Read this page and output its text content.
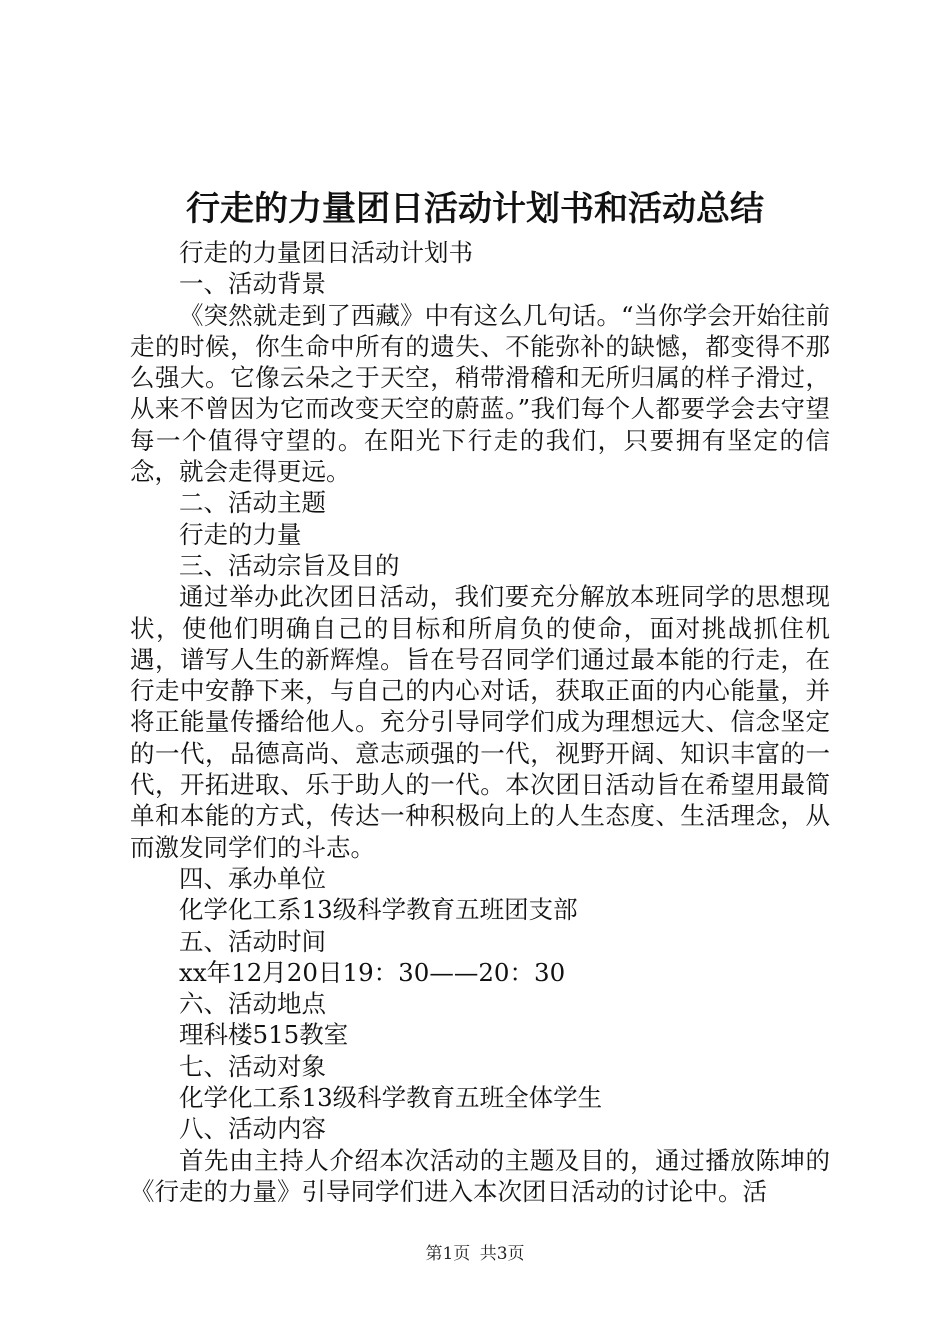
行走的力量团日活动计划书和活动总结

行走的力量团日活动计划书

一、活动背景

《突然就走到了西藏》中有这么几句话。“当你学会开始往前走的时候，你生命中所有的遗失、不能弥补的缺憾，都变得不那么强大。它像云朵之于天空，稍带滑稽和无所归属的样子滑过，从来不曾因为它而改变天空的蔚蓝。”我们每个人都要学会去守望每一个值得守望的。在阳光下行走的我们，只要拥有坚定的信念，就会走得更远。

二、活动主题

行走的力量

三、活动宗旨及目的

通过举办此次团日活动，我们要充分解放本班同学的思想现状，使他们明确自己的目标和所肩负的使命，面对挑战抓住机遇，谱写人生的新辉煌。旨在号召同学们通过最本能的行走，在行走中安静下来，与自己的内心对话，获取正面的内心能量，并将正能量传播给他人。充分引导同学们成为理想远大、信念坚定的一代，品德高尚、意志顽强的一代，视野开阔、知识丰富的一代，开拓进取、乐于助人的一代。本次团日活动旨在希望用最简单和本能的方式，传达一种积极向上的人生态度、生活理念，从而激发同学们的斗志。

四、承办单位

化学化工系13级科学教育五班团支部

五、活动时间

xx年12月20日19：30——20：30

六、活动地点

理科楼515教室

七、活动对象

化学化工系13级科学教育五班全体学生

八、活动内容

首先由主持人介绍本次活动的主题及目的，通过播放陈坤的《行走的力量》引导同学们进入本次团日活动的讨论中。活

第1页 共3页
